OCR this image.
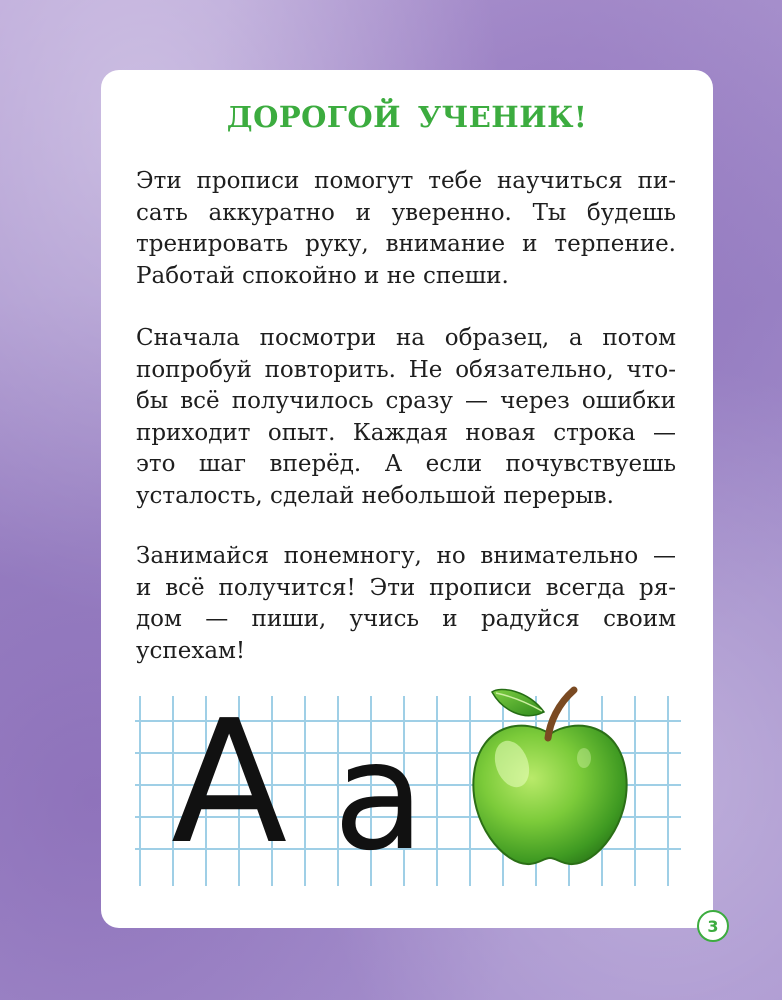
ДОРОГОЙ УЧЕНИК!

Эти прописи помогут тебе научиться пи-
сать аккуратно и уверенно. Ты будешь
тренировать руку, внимание и терпение.
Работай спокойно и не спеши.

Сначала посмотри на образец, а потом
попробуй повторить. Не обязательно, что-
бы всё получилось сразу — через ошибки
приходит опыт. Каждая новая строка —
это шаг вперёд. А если почувствуешь
усталость, сделай небольшой перерыв.

Занимайся понемногу, но внимательно —
и всё получится! Эти прописи всегда ря-
дом — пиши, учись и радуйся своим
успехам!

А а
3
